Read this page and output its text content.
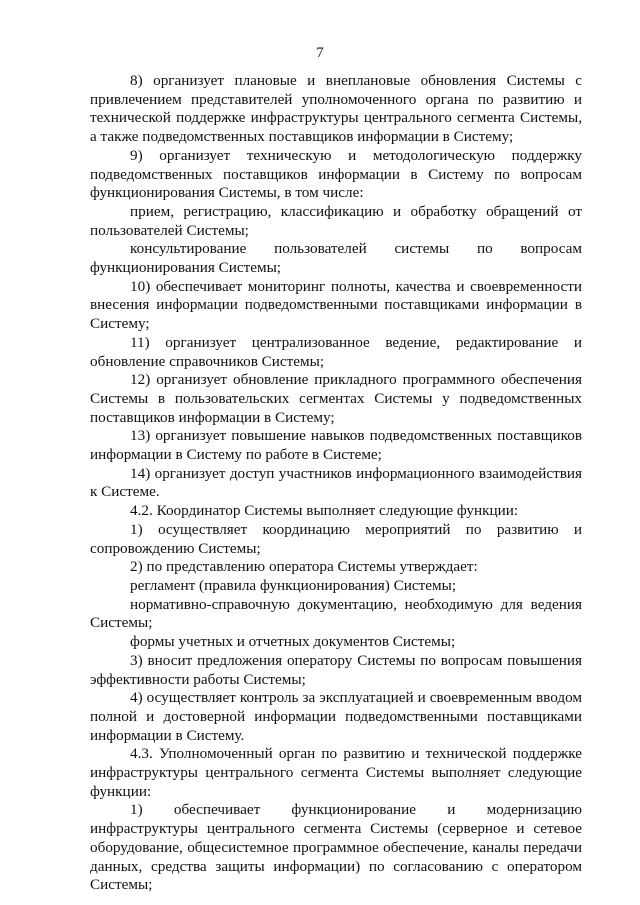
7

8) организует плановые и внеплановые обновления Системы с привлечением представителей уполномоченного органа по развитию и технической поддержке инфраструктуры центрального сегмента Системы, а также подведомственных поставщиков информации в Систему;

9) организует техническую и методологическую поддержку подведомственных поставщиков информации в Систему по вопросам функционирования Системы, в том числе:

прием, регистрацию, классификацию и обработку обращений от пользователей Системы;

консультирование пользователей системы по вопросам функционирования Системы;

10) обеспечивает мониторинг полноты, качества и своевременности внесения информации подведомственными поставщиками информации в Систему;

11) организует централизованное ведение, редактирование и обновление справочников Системы;

12) организует обновление прикладного программного обеспечения Системы в пользовательских сегментах Системы у подведомственных поставщиков информации в Систему;

13) организует повышение навыков подведомственных поставщиков информации в Систему по работе в Системе;

14) организует доступ участников информационного взаимодействия к Системе.

4.2. Координатор Системы выполняет следующие функции:

1) осуществляет координацию мероприятий по развитию и сопровождению Системы;

2) по представлению оператора Системы утверждает:

регламент (правила функционирования) Системы;

нормативно-справочную документацию, необходимую для ведения Системы;

формы учетных и отчетных документов Системы;

3) вносит предложения оператору Системы по вопросам повышения эффективности работы Системы;

4) осуществляет контроль за эксплуатацией и своевременным вводом полной и достоверной информации подведомственными поставщиками информации в Систему.

4.3. Уполномоченный орган по развитию и технической поддержке инфраструктуры центрального сегмента Системы выполняет следующие функции:

1) обеспечивает функционирование и модернизацию инфраструктуры центрального сегмента Системы (серверное и сетевое оборудование, общесистемное программное обеспечение, каналы передачи данных, средства защиты информации) по согласованию с оператором Системы;
